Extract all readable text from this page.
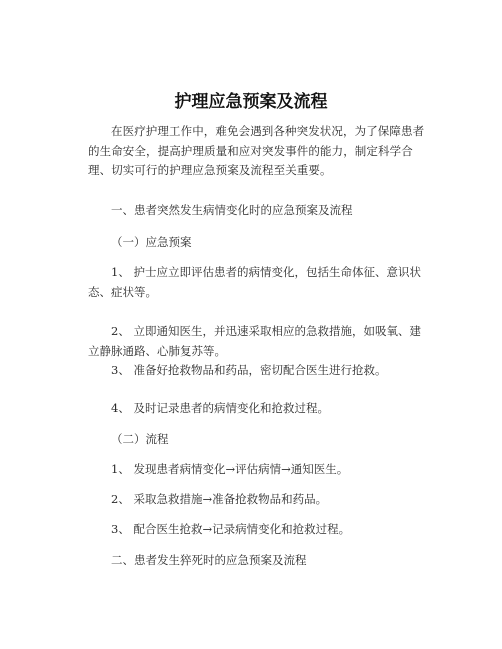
护理应急预案及流程

在医疗护理工作中，难免会遇到各种突发状况，为了保障患者的生命安全，提高护理质量和应对突发事件的能力，制定科学合理、切实可行的护理应急预案及流程至关重要。

一、患者突然发生病情变化时的应急预案及流程
（一）应急预案
1、 护士应立即评估患者的病情变化，包括生命体征、意识状态、症状等。
2、 立即通知医生，并迅速采取相应的急救措施，如吸氧、建立静脉通路、心肺复苏等。
3、 准备好抢救物品和药品，密切配合医生进行抢救。
4、 及时记录患者的病情变化和抢救过程。
（二）流程
1、 发现患者病情变化→评估病情→通知医生。
2、 采取急救措施→准备抢救物品和药品。
3、 配合医生抢救→记录病情变化和抢救过程。
二、患者发生猝死时的应急预案及流程
